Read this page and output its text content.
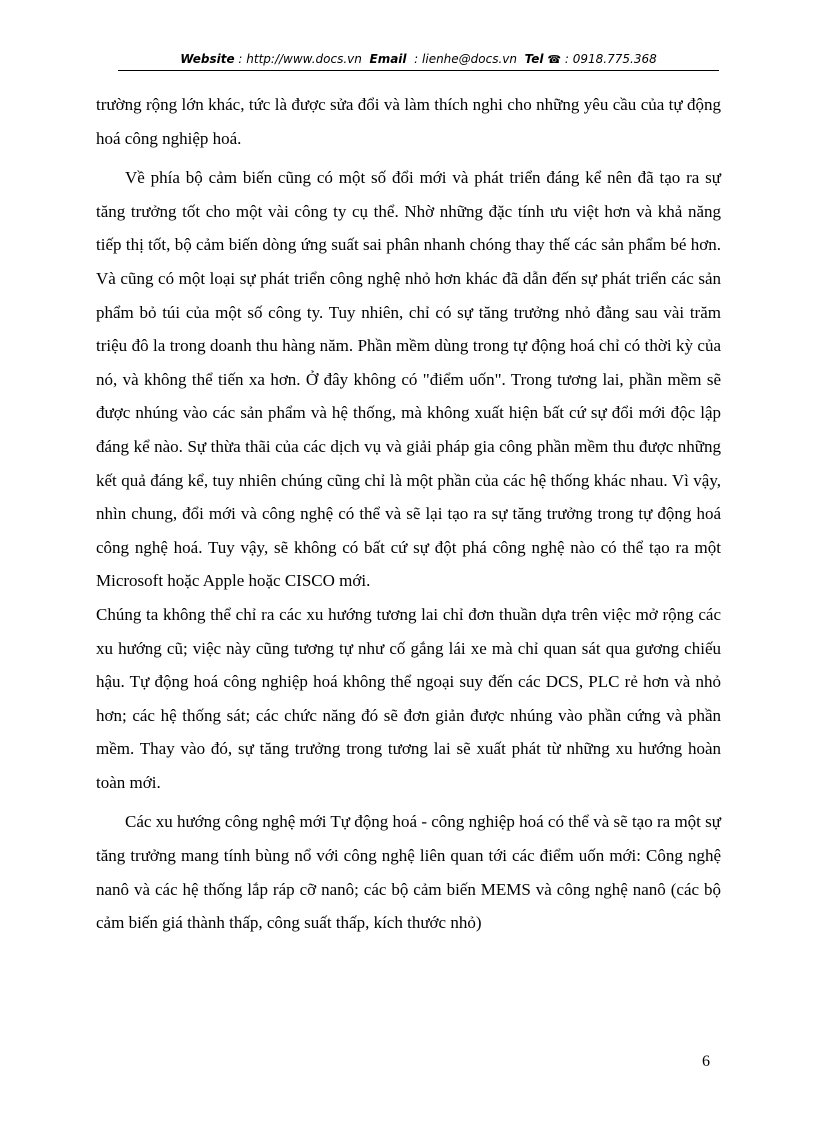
Website : http://www.docs.vn Email : lienhe@docs.vn Tel ☎ : 0918.775.368

trường rộng lớn khác, tức là được sửa đổi và làm thích nghi cho những yêu cầu của tự động hoá công nghiệp hoá.

Về phía bộ cảm biến cũng có một số đổi mới và phát triển đáng kể nên đã tạo ra sự tăng trưởng tốt cho một vài công ty cụ thể. Nhờ những đặc tính ưu việt hơn và khả năng tiếp thị tốt, bộ cảm biến dòng ứng suất sai phân nhanh chóng thay thế các sản phẩm bé hơn. Và cũng có một loại sự phát triển công nghệ nhỏ hơn khác đã dẫn đến sự phát triển các sản phẩm bỏ túi của một số công ty. Tuy nhiên, chỉ có sự tăng trưởng nhỏ đằng sau vài trăm triệu đô la trong doanh thu hàng năm. Phần mềm dùng trong tự động hoá chỉ có thời kỳ của nó, và không thể tiến xa hơn. Ở đây không có "điểm uốn". Trong tương lai, phần mềm sẽ được nhúng vào các sản phẩm và hệ thống, mà không xuất hiện bất cứ sự đổi mới độc lập đáng kể nào. Sự thừa thãi của các dịch vụ và giải pháp gia công phần mềm thu được những kết quả đáng kể, tuy nhiên chúng cũng chỉ là một phần của các hệ thống khác nhau. Vì vậy, nhìn chung, đổi mới và công nghệ có thể và sẽ lại tạo ra sự tăng trưởng trong tự động hoá công nghệ hoá. Tuy vậy, sẽ không có bất cứ sự đột phá công nghệ nào có thể tạo ra một Microsoft hoặc Apple hoặc CISCO mới.

Chúng ta không thể chỉ ra các xu hướng tương lai chỉ đơn thuần dựa trên việc mở rộng các xu hướng cũ; việc này cũng tương tự như cố gắng lái xe mà chỉ quan sát qua gương chiếu hậu. Tự động hoá công nghiệp hoá không thể ngoại suy đến các DCS, PLC rẻ hơn và nhỏ hơn; các hệ thống sát; các chức năng đó sẽ đơn giản được nhúng vào phần cứng và phần mềm. Thay vào đó, sự tăng trưởng trong tương lai sẽ xuất phát từ những xu hướng hoàn toàn mới.

Các xu hướng công nghệ mới Tự động hoá - công nghiệp hoá có thể và sẽ tạo ra một sự tăng trưởng mang tính bùng nổ với công nghệ liên quan tới các điểm uốn mới: Công nghệ nanô và các hệ thống lắp ráp cỡ nanô; các bộ cảm biến MEMS và công nghệ nanô (các bộ cảm biến giá thành thấp, công suất thấp, kích thước nhỏ)

6
